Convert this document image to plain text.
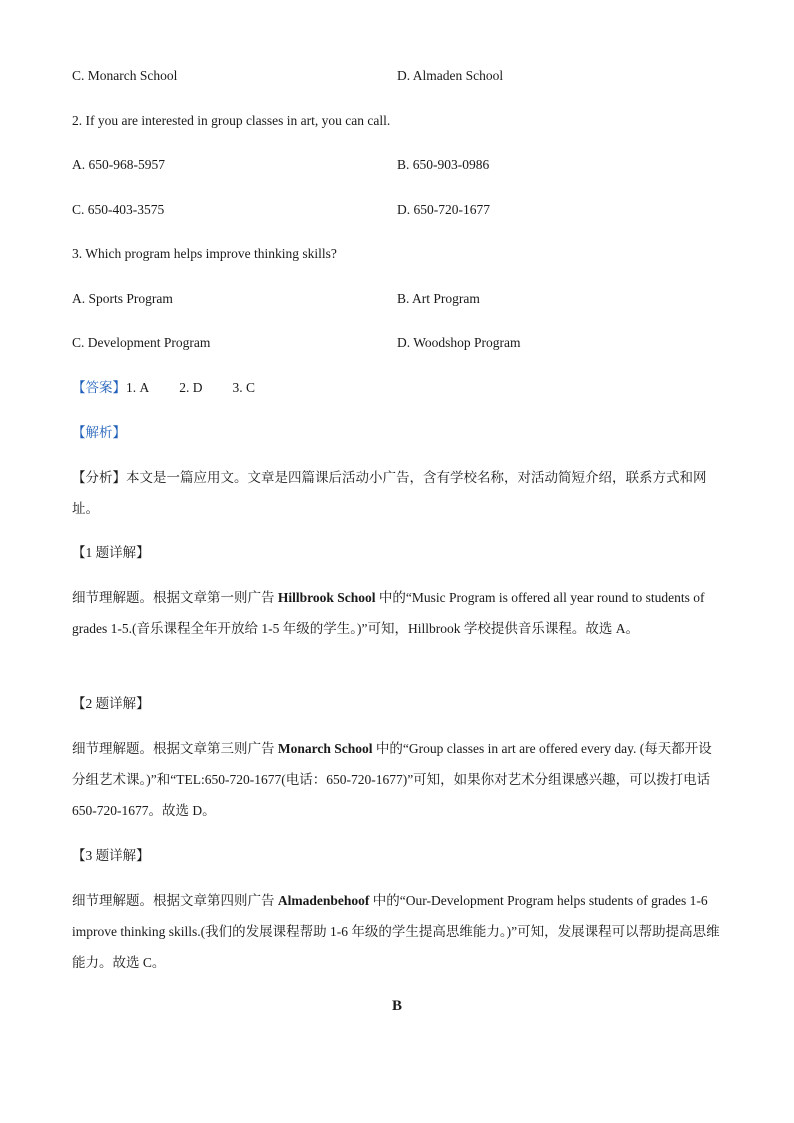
C. Monarch School	D. Almaden School
2. If you are interested in group classes in art, you can call.
A. 650-968-5957	B. 650-903-0986
C. 650-403-3575	D. 650-720-1677
3. Which program helps improve thinking skills?
A. Sports Program	B. Art Program
C. Development Program	D. Woodshop Program
【答案】1. A 2. D 3. C
【解析】
【分析】本文是一篇应用文。文章是四篇课后活动小广告，含有学校名称，对活动简短介绍，联系方式和网址。
【1 题详解】
细节理解题。根据文章第一则广告 Hillbrook School 中的“Music Program is offered all year round to students of grades 1-5.(音乐课程全年开放给 1-5 年级的学生。)”可知，Hillbrook 学校提供音乐课程。故选 A。
【2 题详解】
细节理解题。根据文章第三则广告 Monarch School 中的“Group classes in art are offered every day. (每天都开设分组艺术课。)”和“TEL:650-720-1677(电话：650-720-1677)”可知，如果你对艺术分组课感兴趣，可以拨打电话 650-720-1677。故选 D。
【3 题详解】
细节理解题。根据文章第四则广告 Almadenbehoof 中的“Our-Development Program helps students of grades 1-6 improve thinking skills.(我们的发展课程帮助 1-6 年级的学生提高思维能力。)”可知，发展课程可以帮助提高思维能力。故选 C。
B
